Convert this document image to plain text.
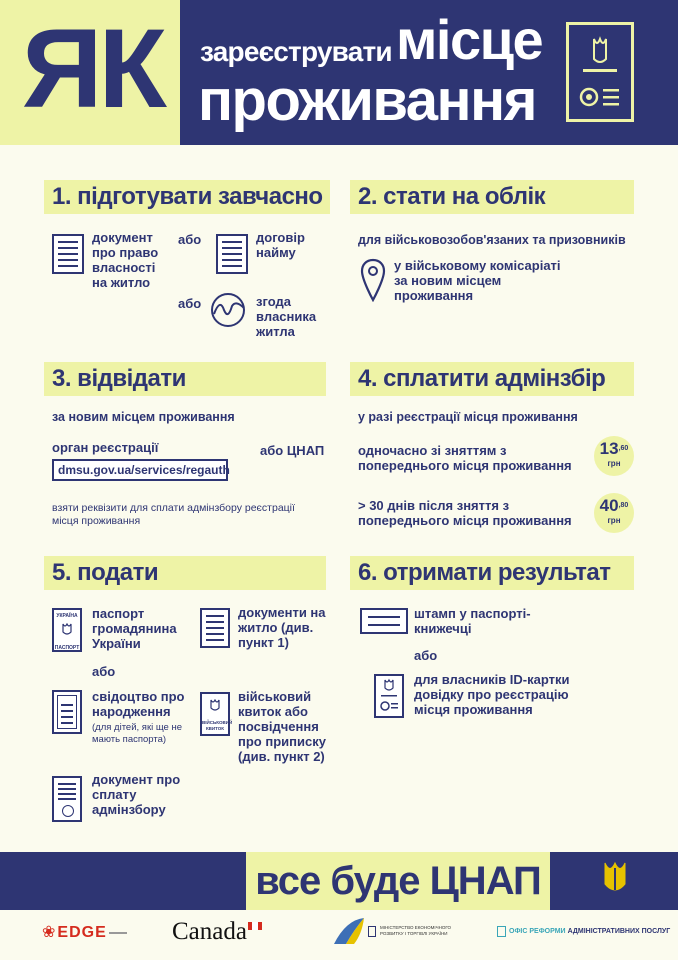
ЯК зареєструвати місце
проживання
1. підготувати завчасно
документ про право власності на житло
або	договір найму
або	згода власника житла
2. стати на облік
для військовозобов'язаних та призовників
у військовому комісаріаті за новим місцем проживання
3. відвідати
за новим місцем проживання
орган реєстрації	або ЦНАП
dmsu.gov.ua/services/regauth
взяти реквізити для сплати адмінзбору реєстрації місця проживання
4. сплатити адмінзбір
у разі реєстрації місця проживання
одночасно зі зняттям з попереднього місця проживання
$13^{,60}$
грн
> 30 днів після зняття з попереднього місця проживання
$40^{,80}$
грн
5. подати
УКРАЇНА
ПАСПОРТ
паспорт громадянина України
або
свідоцтво про народження
(для дітей, які ще не мають паспорта)
документ про сплату адмінзбору
документи на житло (див. пункт 1)
ВІЙСЬКОВИЙ КВИТОК
військовий квиток або посвідчення про приписку (див. пункт 2)
6. отримати результат
штамп у паспорті-книжечці
або
для власників ID-картки довідку про реєстрацію місця проживання
все буде ЦНАП
❀ EDGE	Canada	МІНІСТЕРСТВО ЕКОНОМІЧНОГО РОЗВИТКУ І ТОРГІВЛІ УКРАЇНИ	ОФІС РЕФОРМИ АДМІНІСТРАТИВНИХ ПОСЛУГ
